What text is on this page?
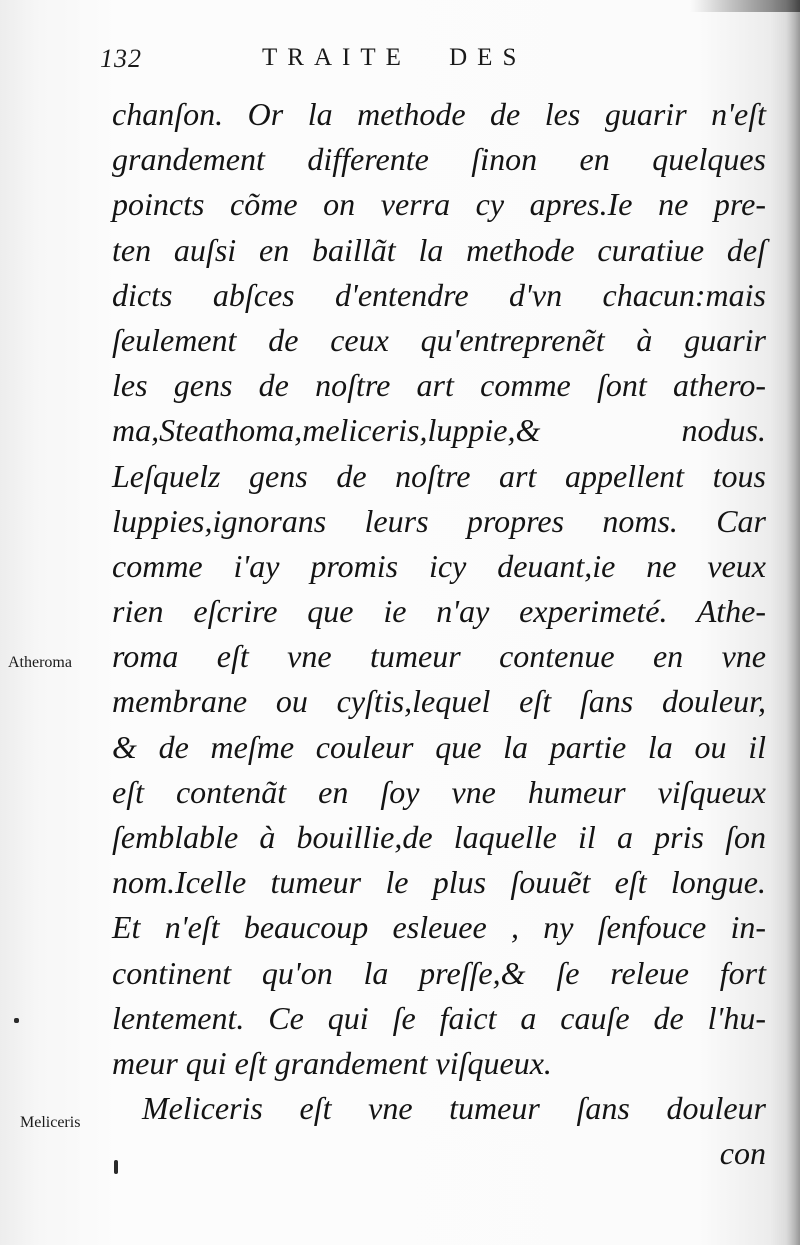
132	TRAITE DES
Atheroma
Meliceris
chanſon. Or la methode de les guarir n'eſt
grandement differente ſinon en quelques
poincts cõme on verra cy apres.Ie ne pre-
ten auſsi en baillãt la methode curatiue deſ
dicts abſces d'entendre d'vn chacun:mais
ſeulement de ceux qu'entreprenẽt à guarir
les gens de noſtre art comme ſont athero-
ma,Steathoma,meliceris,luppie,& nodus.
Leſquelz gens de noſtre art appellent tous
luppies,ignorans leurs propres noms. Car
comme i'ay promis icy deuant,ie ne veux
rien eſcrire que ie n'ay experimeté. Athe-
roma eſt vne tumeur contenue en vne
membrane ou cyſtis,lequel eſt ſans douleur,
& de meſme couleur que la partie la ou il
eſt contenãt en ſoy vne humeur viſqueux
ſemblable à bouillie,de laquelle il a pris ſon
nom.Icelle tumeur le plus ſouuẽt eſt longue.
Et n'eſt beaucoup esleuee , ny ſenfouce in-
continent qu'on la preſſe,& ſe releue fort
lentement. Ce qui ſe faict a cauſe de l'hu-
meur qui eſt grandement viſqueux.
Meliceris eſt vne tumeur ſans douleur
con
